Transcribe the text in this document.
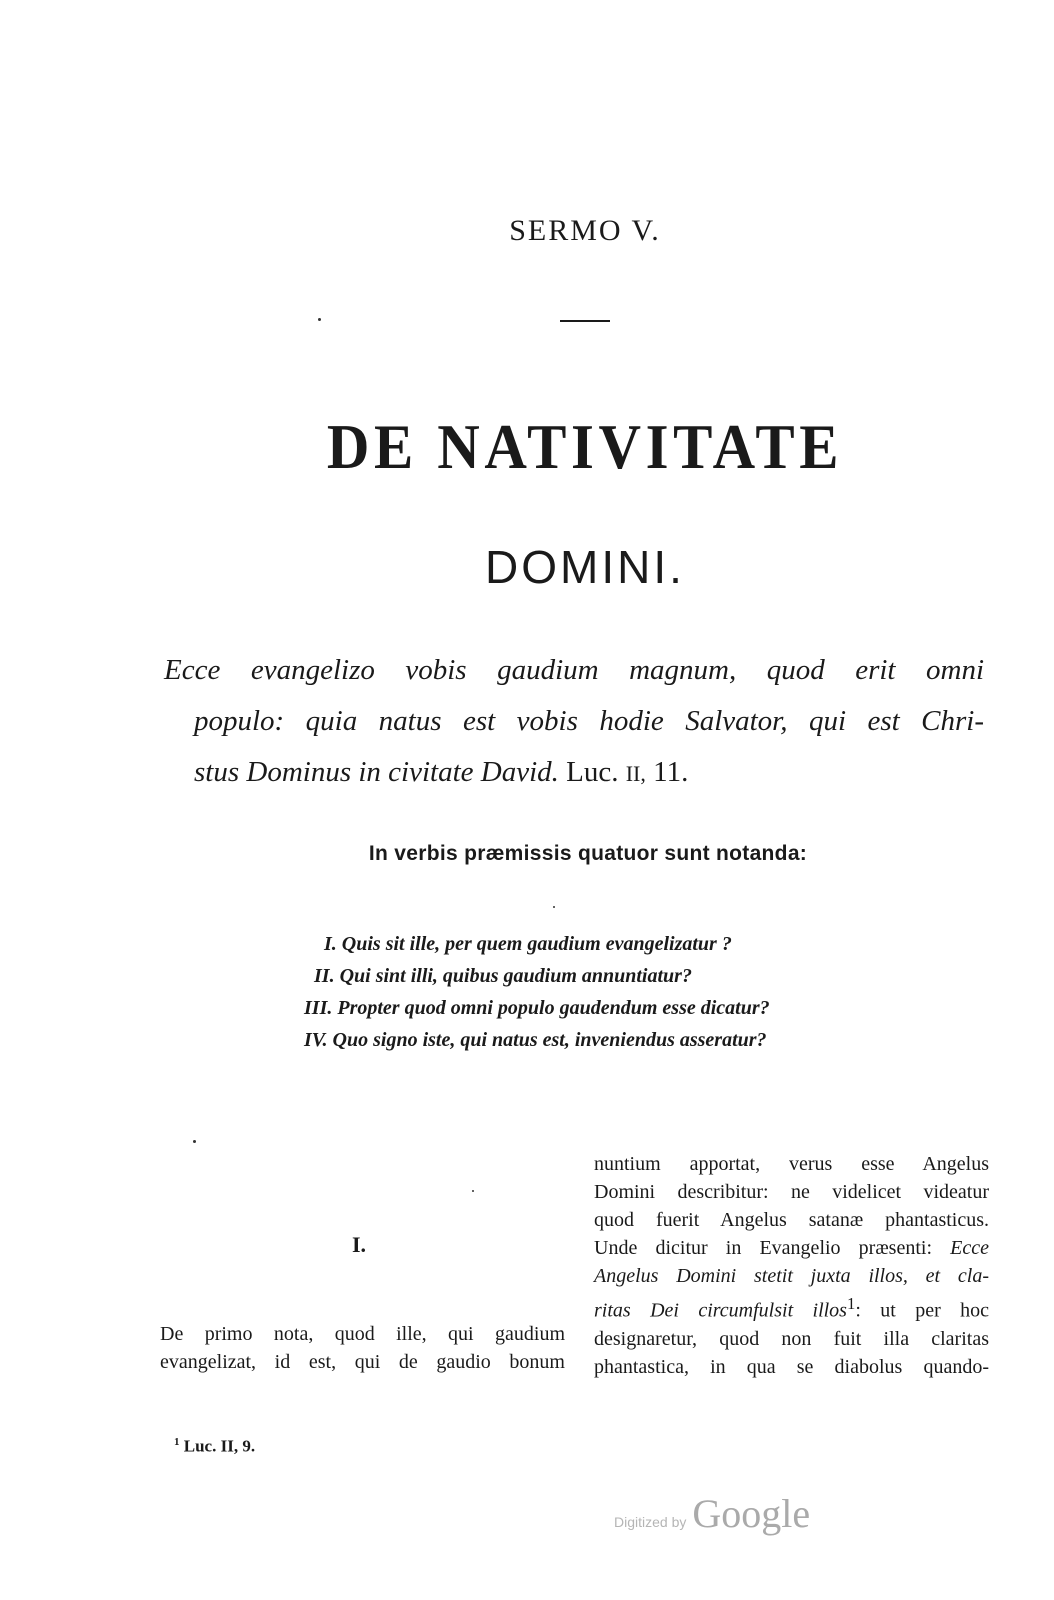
SERMO V.
DE NATIVITATE
DOMINI.
Ecce evangelizo vobis gaudium magnum, quod erit omni
populo: quia natus est vobis hodie Salvator, qui est Chri-
stus Dominus in civitate David. Luc. II, 11.
In verbis præmissis quatuor sunt notanda:
I. Quis sit ille, per quem gaudium evangelizatur ?
II. Qui sint illi, quibus gaudium annuntiatur?
III. Propter quod omni populo gaudendum esse dicatur?
IV. Quo signo iste, qui natus est, inveniendus asseratur?
I.
De primo nota, quod ille, qui gaudium
evangelizat, id est, qui de gaudio bonum
nuntium apportat, verus esse Angelus
Domini describitur: ne videlicet videatur
quod fuerit Angelus satanæ phantasticus.
Unde dicitur in Evangelio præsenti: Ecce
Angelus Domini stetit juxta illos, et cla-
ritas Dei circumfulsit illos$^1$: ut per hoc
designaretur, quod non fuit illa claritas
phantastica, in qua se diabolus quando-
$^1$ Luc. II, 9.
Digitized by Google
